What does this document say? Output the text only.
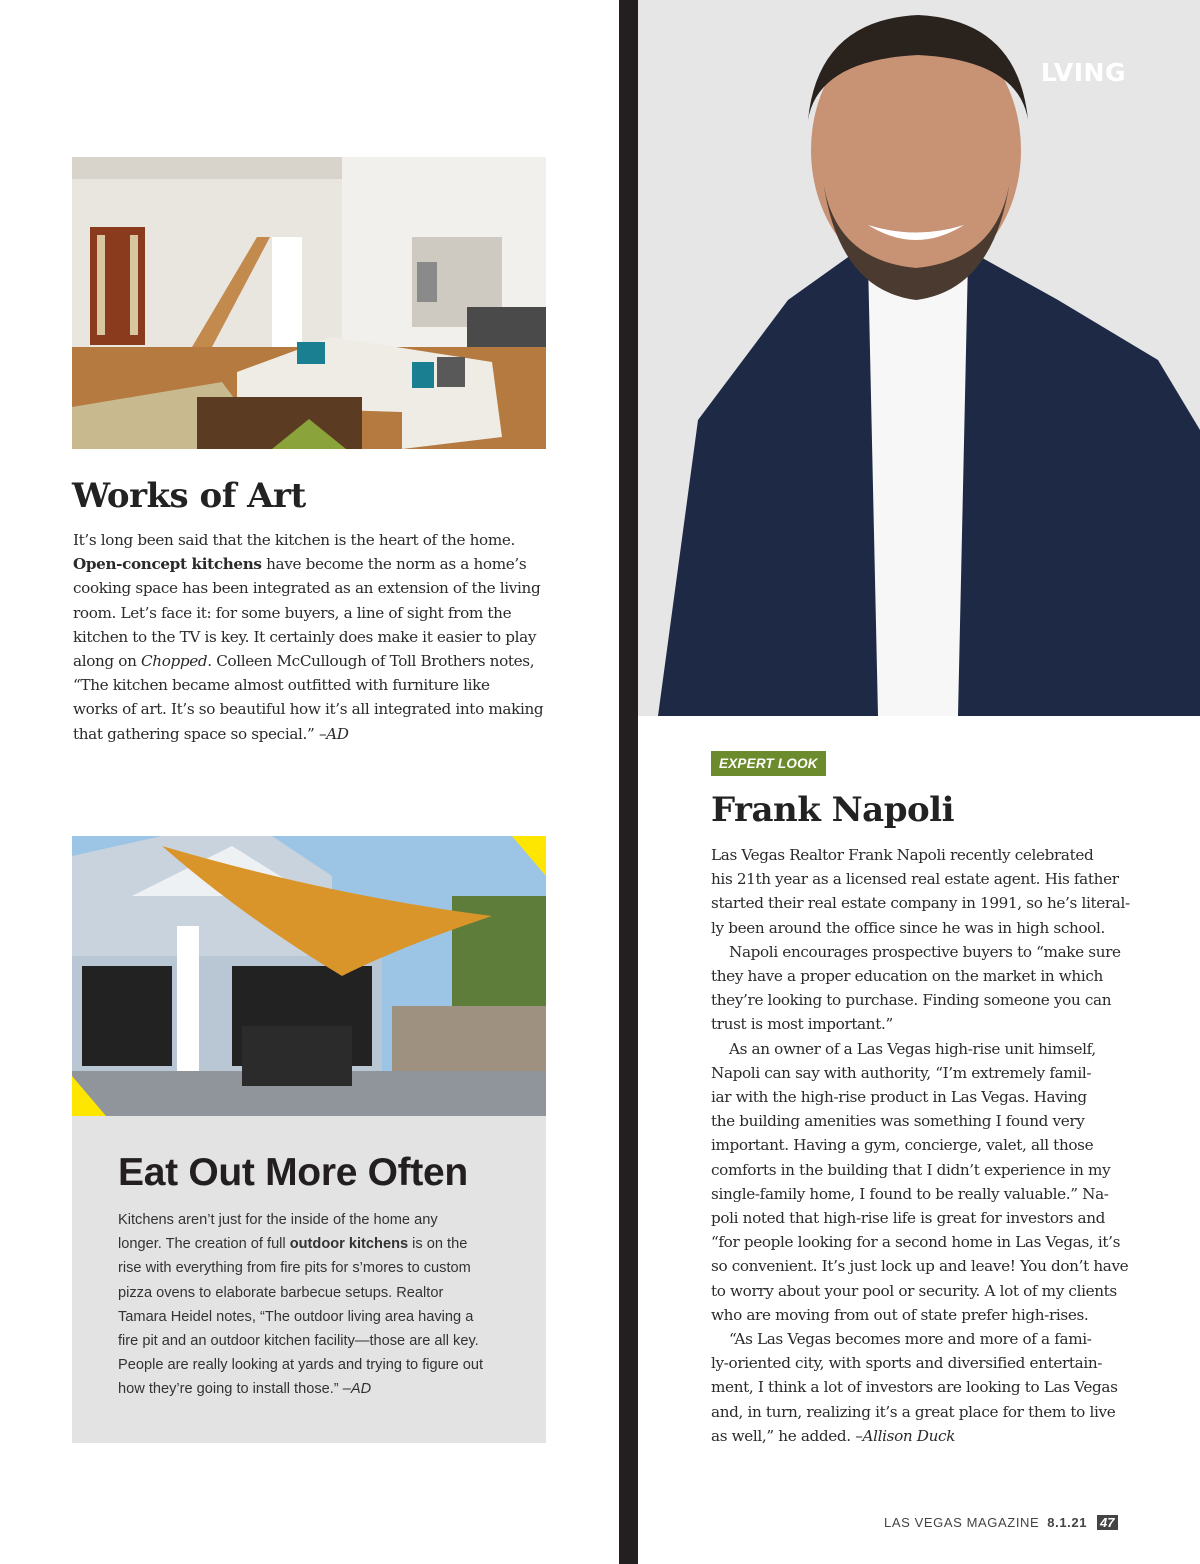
LVING
Works of Art
It’s long been said that the kitchen is the heart of the home.
Open-concept kitchens have become the norm as a home’s
cooking space has been integrated as an extension of the living
room. Let’s face it: for some buyers, a line of sight from the
kitchen to the TV is key. It certainly does make it easier to play
along on Chopped. Colleen McCullough of Toll Brothers notes,
“The kitchen became almost outfitted with furniture like
works of art. It’s so beautiful how it’s all integrated into making
that gathering space so special.” –AD
Eat Out More Often
Kitchens aren’t just for the inside of the home any
longer. The creation of full outdoor kitchens is on the
rise with everything from fire pits for s’mores to custom
pizza ovens to elaborate barbecue setups. Realtor
Tamara Heidel notes, “The outdoor living area having a
fire pit and an outdoor kitchen facility—those are all key.
People are really looking at yards and trying to figure out
how they’re going to install those.” –AD
EXPERT LOOK
Frank Napoli
Las Vegas Realtor Frank Napoli recently celebrated
his 21th year as a licensed real estate agent. His father
started their real estate company in 1991, so he’s literal-
ly been around the office since he was in high school.
Napoli encourages prospective buyers to “make sure
they have a proper education on the market in which
they’re looking to purchase. Finding someone you can
trust is most important.”
As an owner of a Las Vegas high-rise unit himself,
Napoli can say with authority, “I’m extremely famil-
iar with the high-rise product in Las Vegas. Having
the building amenities was something I found very
important. Having a gym, concierge, valet, all those
comforts in the building that I didn’t experience in my
single-family home, I found to be really valuable.” Na-
poli noted that high-rise life is great for investors and
“for people looking for a second home in Las Vegas, it’s
so convenient. It’s just lock up and leave! You don’t have
to worry about your pool or security. A lot of my clients
who are moving from out of state prefer high-rises.
“As Las Vegas becomes more and more of a fami-
ly-oriented city, with sports and diversified entertain-
ment, I think a lot of investors are looking to Las Vegas
and, in turn, realizing it’s a great place for them to live
as well,” he added. –Allison Duck
LAS VEGAS MAGAZINE 8.1.21 47
